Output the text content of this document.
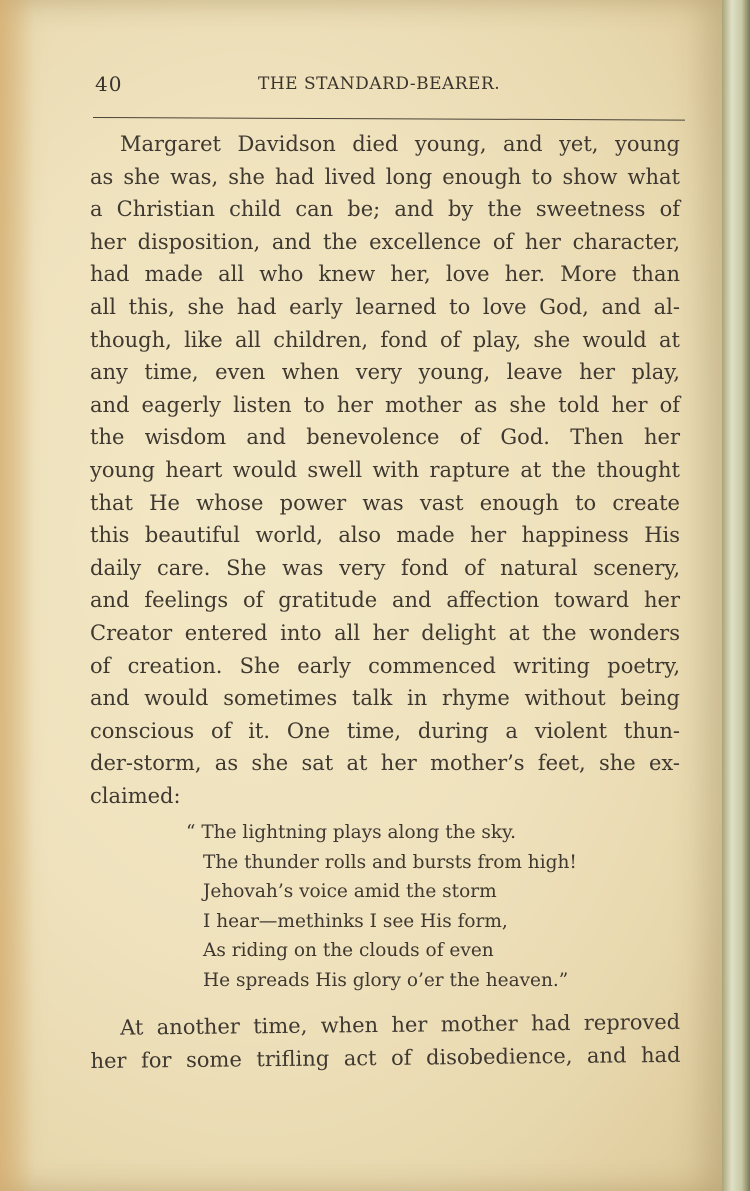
40	THE STANDARD-BEARER.
Margaret Davidson died young, and yet, young
as she was, she had lived long enough to show what
a Christian child can be; and by the sweetness of
her disposition, and the excellence of her character,
had made all who knew her, love her. More than
all this, she had early learned to love God, and al-
though, like all children, fond of play, she would at
any time, even when very young, leave her play,
and eagerly listen to her mother as she told her of
the wisdom and benevolence of God. Then her
young heart would swell with rapture at the thought
that He whose power was vast enough to create
this beautiful world, also made her happiness His
daily care. She was very fond of natural scenery,
and feelings of gratitude and affection toward her
Creator entered into all her delight at the wonders
of creation. She early commenced writing poetry,
and would sometimes talk in rhyme without being
conscious of it. One time, during a violent thun-
der-storm, as she sat at her mother’s feet, she ex-
claimed:
“ The lightning plays along the sky.
The thunder rolls and bursts from high!
Jehovah’s voice amid the storm
I hear—methinks I see His form,
As riding on the clouds of even
He spreads His glory o’er the heaven.”
At another time, when her mother had reproved
her for some trifling act of disobedience, and had
